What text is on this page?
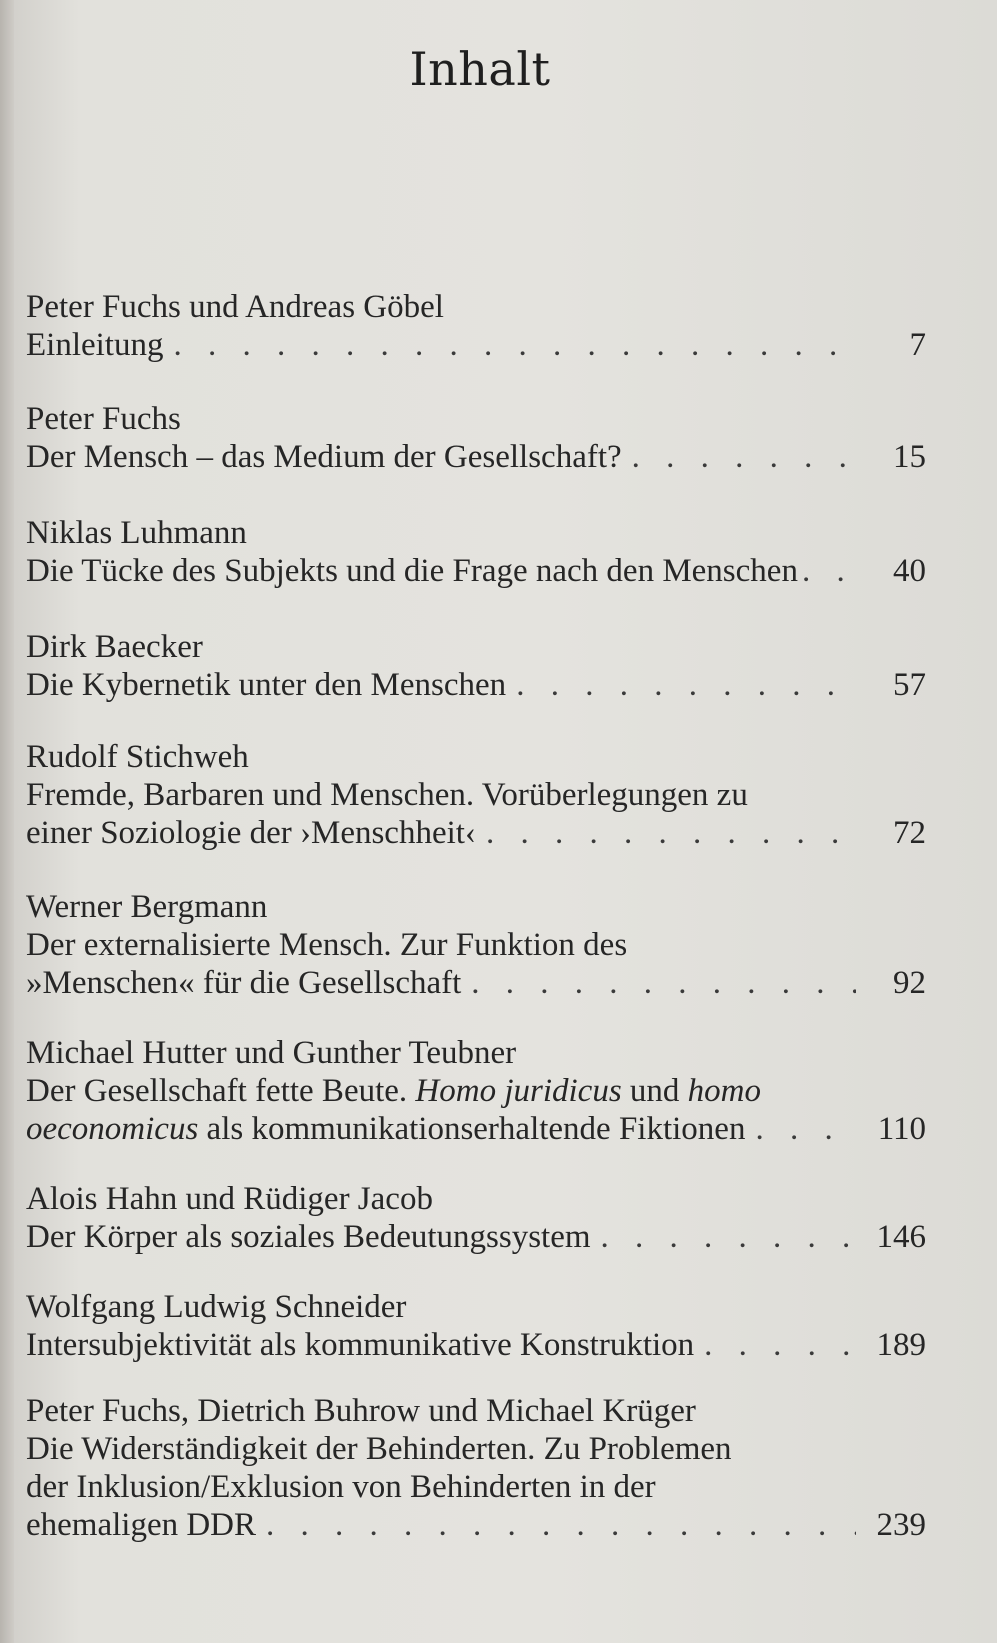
Inhalt
Peter Fuchs und Andreas Göbel
Einleitung . . .	7
Peter Fuchs
Der Mensch – das Medium der Gesellschaft? . . .	15
Niklas Luhmann
Die Tücke des Subjekts und die Frage nach den Menschen . . .	40
Dirk Baecker
Die Kybernetik unter den Menschen . . .	57
Rudolf Stichweh
Fremde, Barbaren und Menschen. Vorüberlegungen zu
einer Soziologie der ›Menschheit‹ . . .	72
Werner Bergmann
Der externalisierte Mensch. Zur Funktion des
»Menschen« für die Gesellschaft . . .	92
Michael Hutter und Gunther Teubner
Der Gesellschaft fette Beute. Homo juridicus und homo
oeconomicus als kommunikationserhaltende Fiktionen . . .	110
Alois Hahn und Rüdiger Jacob
Der Körper als soziales Bedeutungssystem . . .	146
Wolfgang Ludwig Schneider
Intersubjektivität als kommunikative Konstruktion . . .	189
Peter Fuchs, Dietrich Buhrow und Michael Krüger
Die Widerständigkeit der Behinderten. Zu Problemen
der Inklusion/Exklusion von Behinderten in der
ehemaligen DDR . . .	239
